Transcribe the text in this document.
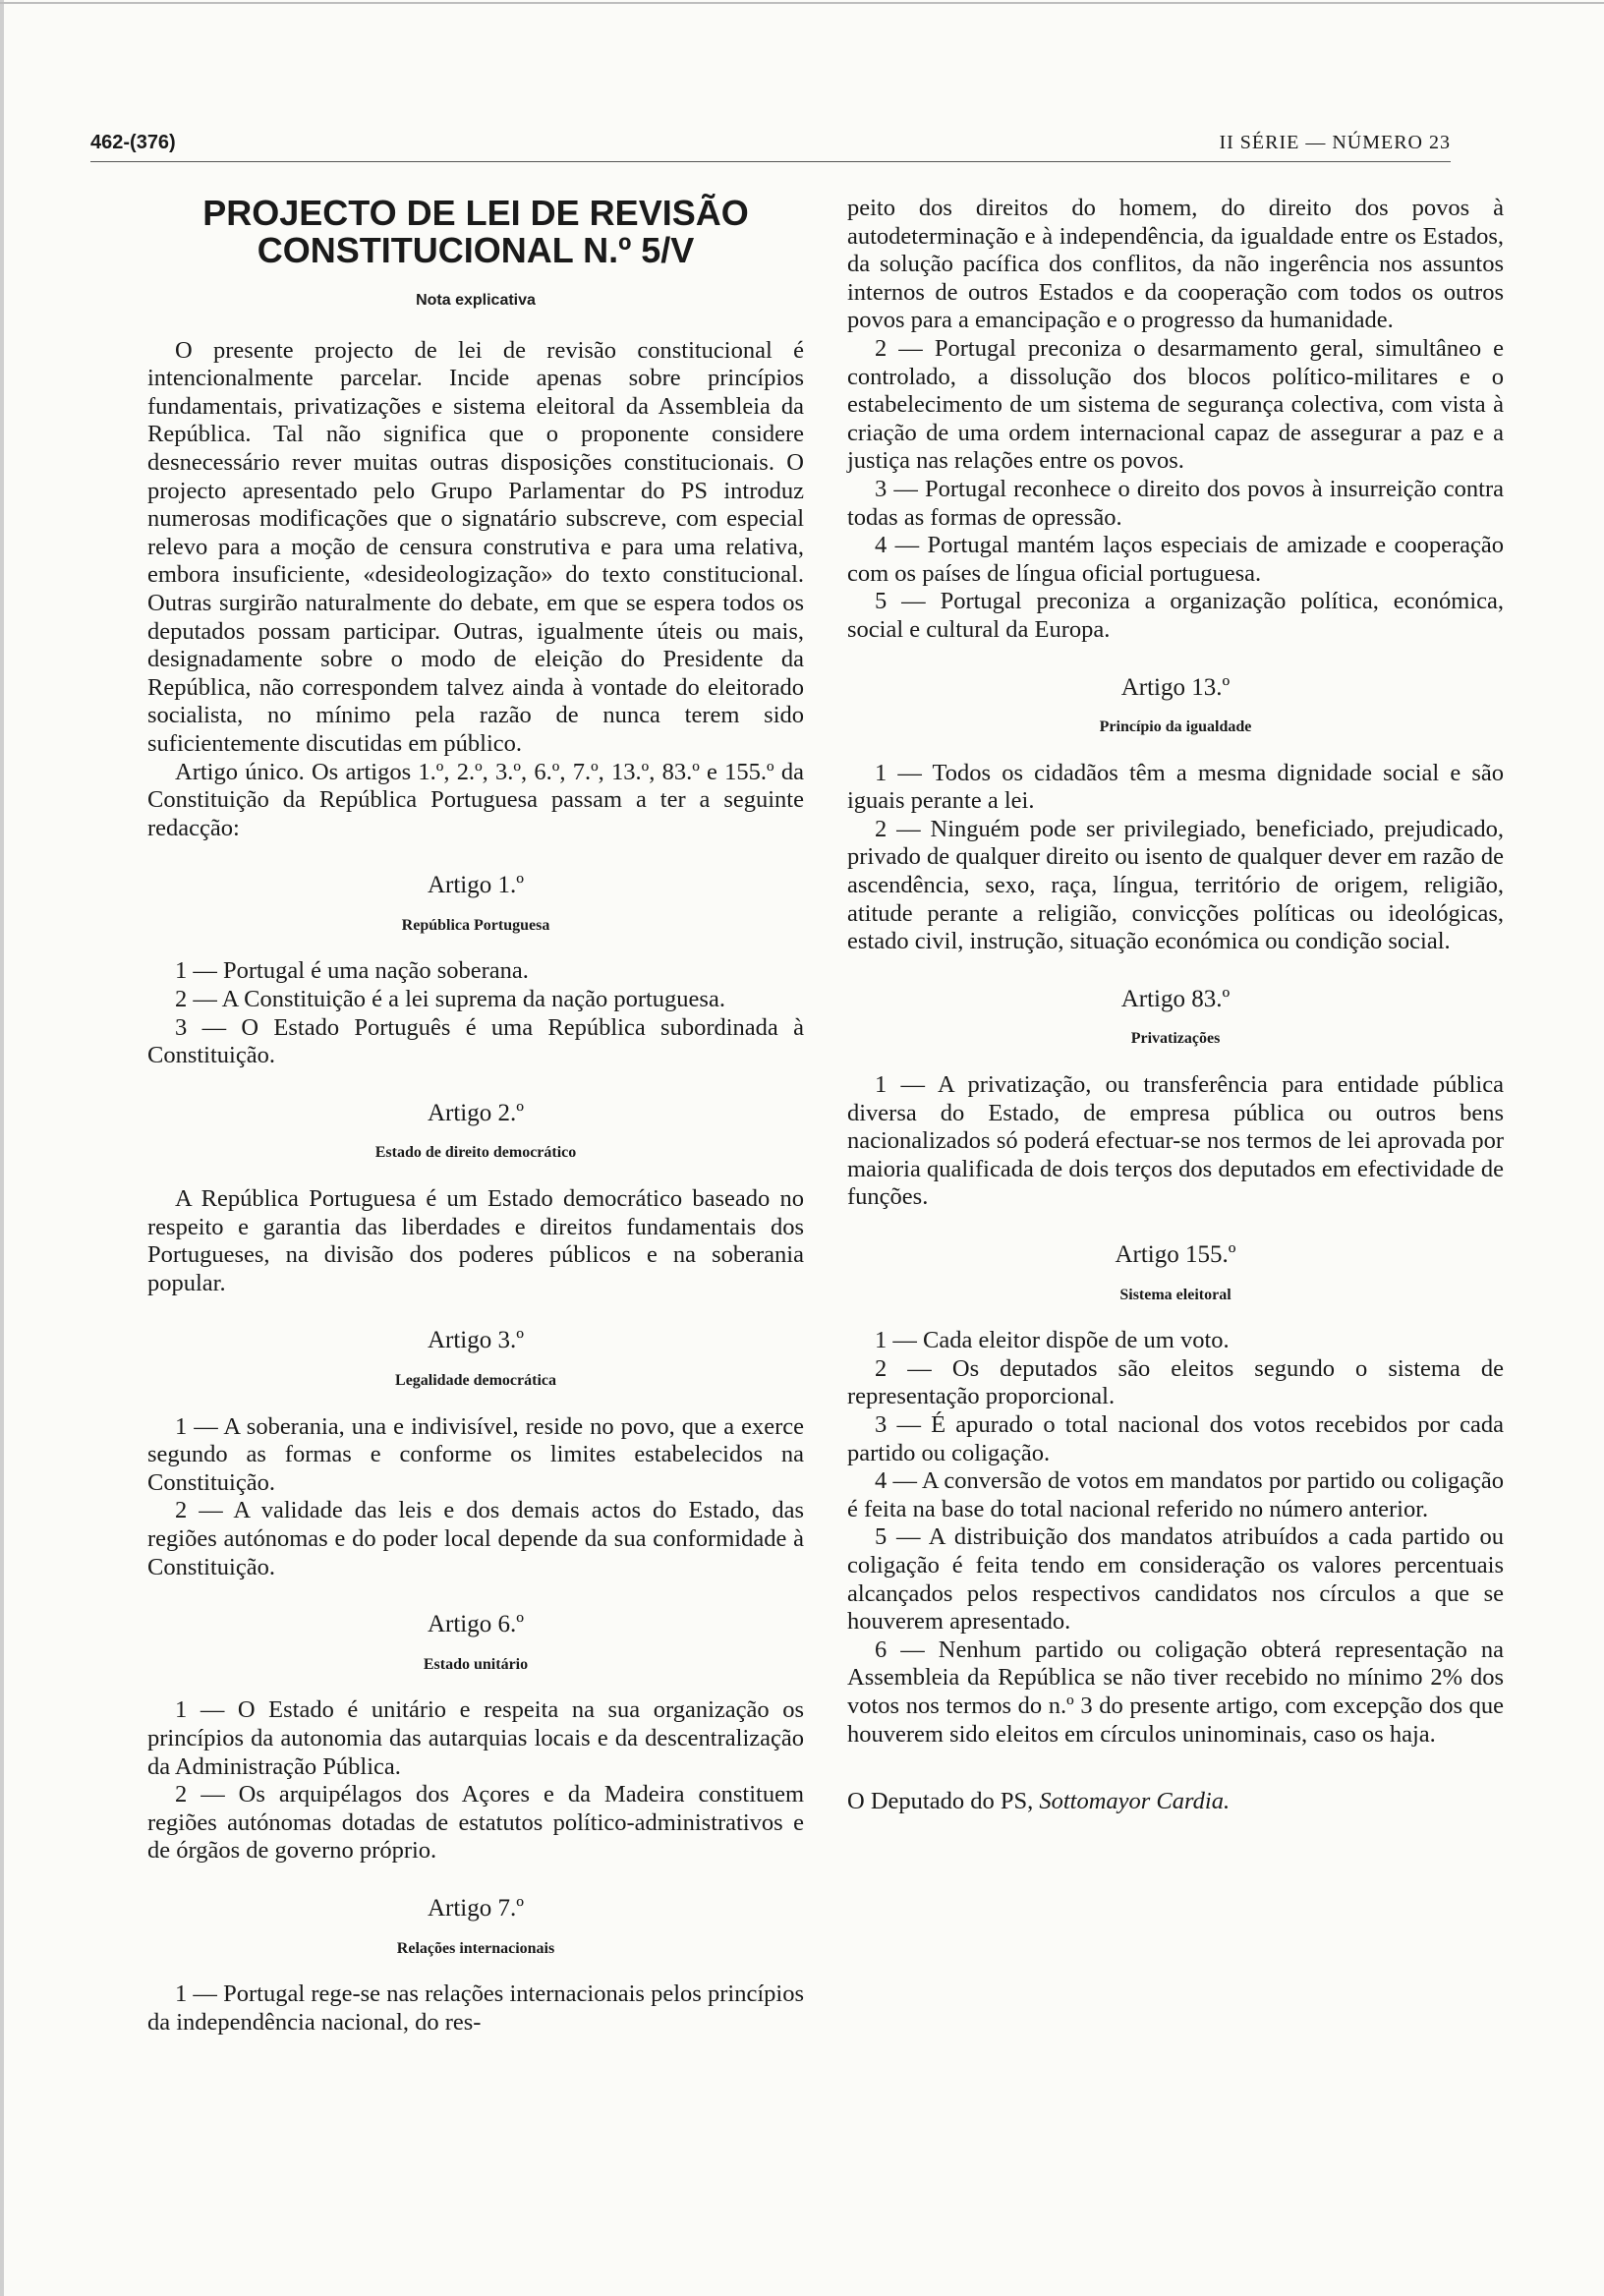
462-(376)	II SÉRIE — NÚMERO 23
PROJECTO DE LEI DE REVISÃO CONSTITUCIONAL N.º 5/V
Nota explicativa

O presente projecto de lei de revisão constitucional é intencionalmente parcelar. Incide apenas sobre princípios fundamentais, privatizações e sistema eleitoral da Assembleia da República. Tal não significa que o proponente considere desnecessário rever muitas outras disposições constitucionais. O projecto apresentado pelo Grupo Parlamentar do PS introduz numerosas modificações que o signatário subscreve, com especial relevo para a moção de censura construtiva e para uma relativa, embora insuficiente, «desideologização» do texto constitucional. Outras surgirão naturalmente do debate, em que se espera todos os deputados possam participar. Outras, igualmente úteis ou mais, designadamente sobre o modo de eleição do Presidente da República, não correspondem talvez ainda à vontade do eleitorado socialista, no mínimo pela razão de nunca terem sido suficientemente discutidas em público.

Artigo único. Os artigos 1.º, 2.º, 3.º, 6.º, 7.º, 13.º, 83.º e 155.º da Constituição da República Portuguesa passam a ter a seguinte redacção:

Artigo 1.º
República Portuguesa

1 — Portugal é uma nação soberana.

2 — A Constituição é a lei suprema da nação portuguesa.

3 — O Estado Português é uma República subordinada à Constituição.

Artigo 2.º
Estado de direito democrático

A República Portuguesa é um Estado democrático baseado no respeito e garantia das liberdades e direitos fundamentais dos Portugueses, na divisão dos poderes públicos e na soberania popular.

Artigo 3.º
Legalidade democrática

1 — A soberania, una e indivisível, reside no povo, que a exerce segundo as formas e conforme os limites estabelecidos na Constituição.

2 — A validade das leis e dos demais actos do Estado, das regiões autónomas e do poder local depende da sua conformidade à Constituição.

Artigo 6.º
Estado unitário

1 — O Estado é unitário e respeita na sua organização os princípios da autonomia das autarquias locais e da descentralização da Administração Pública.

2 — Os arquipélagos dos Açores e da Madeira constituem regiões autónomas dotadas de estatutos político-administrativos e de órgãos de governo próprio.

Artigo 7.º
Relações internacionais

1 — Portugal rege-se nas relações internacionais pelos princípios da independência nacional, do res-

peito dos direitos do homem, do direito dos povos à autodeterminação e à independência, da igualdade entre os Estados, da solução pacífica dos conflitos, da não ingerência nos assuntos internos de outros Estados e da cooperação com todos os outros povos para a emancipação e o progresso da humanidade.

2 — Portugal preconiza o desarmamento geral, simultâneo e controlado, a dissolução dos blocos político-militares e o estabelecimento de um sistema de segurança colectiva, com vista à criação de uma ordem internacional capaz de assegurar a paz e a justiça nas relações entre os povos.

3 — Portugal reconhece o direito dos povos à insurreição contra todas as formas de opressão.

4 — Portugal mantém laços especiais de amizade e cooperação com os países de língua oficial portuguesa.

5 — Portugal preconiza a organização política, económica, social e cultural da Europa.

Artigo 13.º
Princípio da igualdade

1 — Todos os cidadãos têm a mesma dignidade social e são iguais perante a lei.

2 — Ninguém pode ser privilegiado, beneficiado, prejudicado, privado de qualquer direito ou isento de qualquer dever em razão de ascendência, sexo, raça, língua, território de origem, religião, atitude perante a religião, convicções políticas ou ideológicas, estado civil, instrução, situação económica ou condição social.

Artigo 83.º
Privatizações

1 — A privatização, ou transferência para entidade pública diversa do Estado, de empresa pública ou outros bens nacionalizados só poderá efectuar-se nos termos de lei aprovada por maioria qualificada de dois terços dos deputados em efectividade de funções.

Artigo 155.º
Sistema eleitoral

1 — Cada eleitor dispõe de um voto.

2 — Os deputados são eleitos segundo o sistema de representação proporcional.

3 — É apurado o total nacional dos votos recebidos por cada partido ou coligação.

4 — A conversão de votos em mandatos por partido ou coligação é feita na base do total nacional referido no número anterior.

5 — A distribuição dos mandatos atribuídos a cada partido ou coligação é feita tendo em consideração os valores percentuais alcançados pelos respectivos candidatos nos círculos a que se houverem apresentado.

6 — Nenhum partido ou coligação obterá representação na Assembleia da República se não tiver recebido no mínimo 2% dos votos nos termos do n.º 3 do presente artigo, com excepção dos que houverem sido eleitos em círculos uninominais, caso os haja.

O Deputado do PS, Sottomayor Cardia.
